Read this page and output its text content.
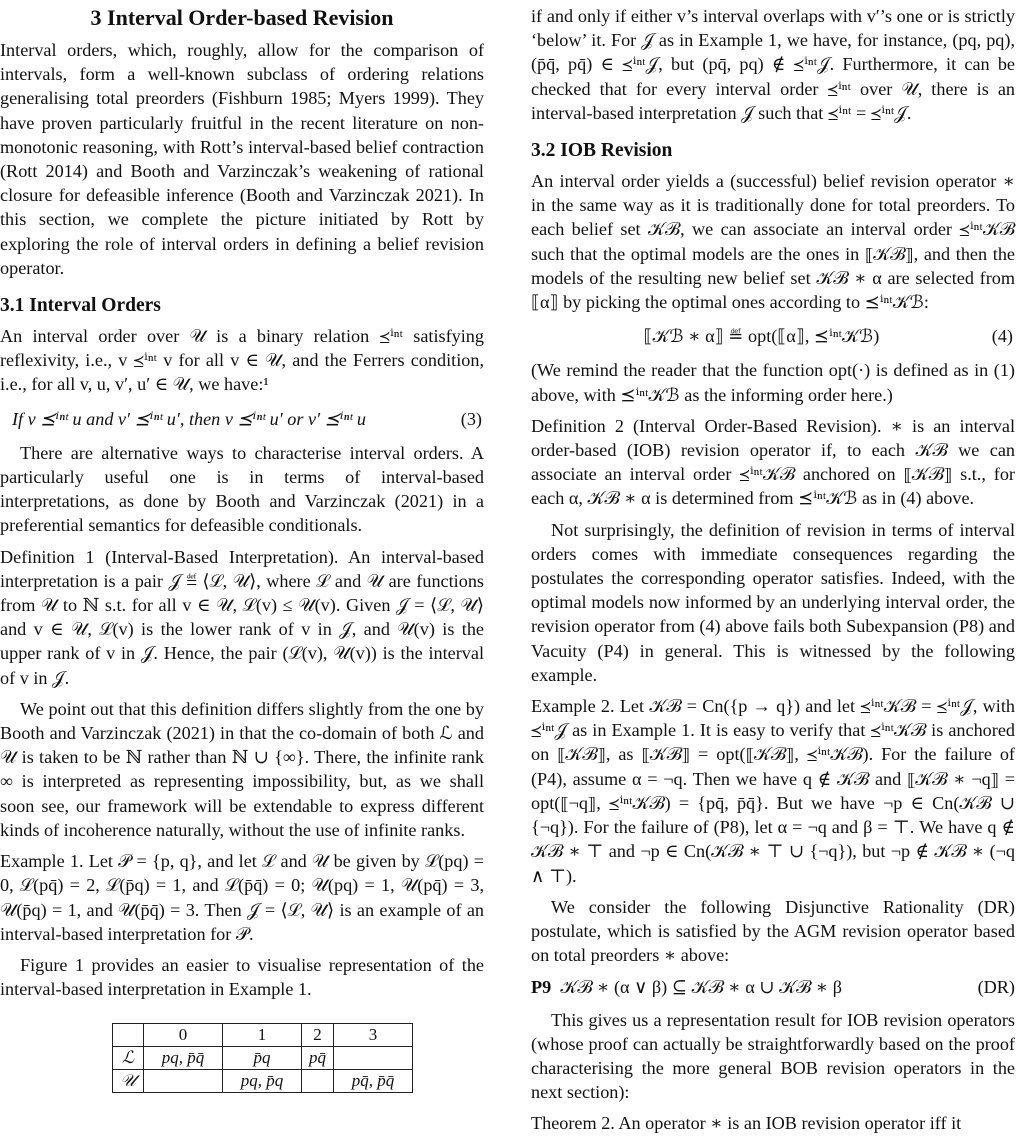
3 Interval Order-based Revision

Interval orders, which, roughly, allow for the comparison of intervals, form a well-known subclass of ordering relations generalising total preorders (Fishburn 1985; Myers 1999). They have proven particularly fruitful in the recent literature on non-monotonic reasoning, with Rott’s interval-based belief contraction (Rott 2014) and Booth and Varzinczak’s weakening of rational closure for defeasible inference (Booth and Varzinczak 2021). In this section, we complete the picture initiated by Rott by exploring the role of interval orders in defining a belief revision operator.

3.1 Interval Orders

An interval order over 𝒰 is a binary relation ⪯ⁱⁿᵗ satisfying reflexivity, i.e., v ⪯ⁱⁿᵗ v for all v ∈ 𝒰, and the Ferrers condition, i.e., for all v, u, v′, u′ ∈ 𝒰, we have:¹

If v ⪯ⁱⁿᵗ u and v′ ⪯ⁱⁿᵗ u′, then v ⪯ⁱⁿᵗ u′ or v′ ⪯ⁱⁿᵗ u	(3)

There are alternative ways to characterise interval orders. A particularly useful one is in terms of interval-based interpretations, as done by Booth and Varzinczak (2021) in a preferential semantics for defeasible conditionals.

Definition 1 (Interval-Based Interpretation). An interval-based interpretation is a pair 𝒥 ≝ ⟨ℒ, 𝒰⟩, where ℒ and 𝒰 are functions from 𝒰 to ℕ s.t. for all v ∈ 𝒰, ℒ(v) ≤ 𝒰(v). Given 𝒥 = ⟨ℒ, 𝒰⟩ and v ∈ 𝒰, ℒ(v) is the lower rank of v in 𝒥, and 𝒰(v) is the upper rank of v in 𝒥. Hence, the pair (ℒ(v), 𝒰(v)) is the interval of v in 𝒥.

We point out that this definition differs slightly from the one by Booth and Varzinczak (2021) in that the co-domain of both ℒ and 𝒰 is taken to be ℕ rather than ℕ ∪ {∞}. There, the infinite rank ∞ is interpreted as representing impossibility, but, as we shall soon see, our framework will be extendable to express different kinds of incoherence naturally, without the use of infinite ranks.

Example 1. Let 𝒫 = {p, q}, and let ℒ and 𝒰 be given by ℒ(pq) = 0, ℒ(pq̄) = 2, ℒ(p̄q) = 1, and ℒ(p̄q̄) = 0; 𝒰(pq) = 1, 𝒰(pq̄) = 3, 𝒰(p̄q) = 1, and 𝒰(p̄q̄) = 3. Then 𝒥 = ⟨ℒ, 𝒰⟩ is an example of an interval-based interpretation for 𝒫.

Figure 1 provides an easier to visualise representation of the interval-based interpretation in Example 1.

	0	1	2	3
ℒ	pq, p̄q̄	p̄q	pq̄	
𝒰		pq, p̄q		pq̄, p̄q̄

if and only if either v’s interval overlaps with v′’s one or is strictly ‘below’ it. For 𝒥 as in Example 1, we have, for instance, (pq, pq), (p̄q̄, pq̄) ∈ ⪯ⁱⁿᵗ𝒥, but (pq̄, pq) ∉ ⪯ⁱⁿᵗ𝒥. Furthermore, it can be checked that for every interval order ⪯ⁱⁿᵗ over 𝒰, there is an interval-based interpretation 𝒥 such that ⪯ⁱⁿᵗ = ⪯ⁱⁿᵗ𝒥.

3.2 IOB Revision

An interval order yields a (successful) belief revision operator ∗ in the same way as it is traditionally done for total preorders. To each belief set 𝒦ℬ, we can associate an interval order ⪯ⁱⁿᵗ𝒦ℬ such that the optimal models are the ones in ⟦𝒦ℬ⟧, and then the models of the resulting new belief set 𝒦ℬ ∗ α are selected from ⟦α⟧ by picking the optimal ones according to ⪯ⁱⁿᵗ𝒦ℬ:

⟦𝒦ℬ ∗ α⟧ ≝ opt(⟦α⟧, ⪯ⁱⁿᵗ𝒦ℬ)	(4)

(We remind the reader that the function opt(·) is defined as in (1) above, with ⪯ⁱⁿᵗ𝒦ℬ as the informing order here.)

Definition 2 (Interval Order-Based Revision). ∗ is an interval order-based (IOB) revision operator if, to each 𝒦ℬ we can associate an interval order ⪯ⁱⁿᵗ𝒦ℬ anchored on ⟦𝒦ℬ⟧ s.t., for each α, 𝒦ℬ ∗ α is determined from ⪯ⁱⁿᵗ𝒦ℬ as in (4) above.

Not surprisingly, the definition of revision in terms of interval orders comes with immediate consequences regarding the postulates the corresponding operator satisfies. Indeed, with the optimal models now informed by an underlying interval order, the revision operator from (4) above fails both Subexpansion (P8) and Vacuity (P4) in general. This is witnessed by the following example.

Example 2. Let 𝒦ℬ = Cn({p → q}) and let ⪯ⁱⁿᵗ𝒦ℬ = ⪯ⁱⁿᵗ𝒥, with ⪯ⁱⁿᵗ𝒥 as in Example 1. It is easy to verify that ⪯ⁱⁿᵗ𝒦ℬ is anchored on ⟦𝒦ℬ⟧, as ⟦𝒦ℬ⟧ = opt(⟦𝒦ℬ⟧, ⪯ⁱⁿᵗ𝒦ℬ). For the failure of (P4), assume α = ¬q. Then we have q ∉ 𝒦ℬ and ⟦𝒦ℬ ∗ ¬q⟧ = opt(⟦¬q⟧, ⪯ⁱⁿᵗ𝒦ℬ) = {pq̄, p̄q̄}. But we have ¬p ∈ Cn(𝒦ℬ ∪ {¬q}). For the failure of (P8), let α = ¬q and β = ⊤. We have q ∉ 𝒦ℬ ∗ ⊤ and ¬p ∈ Cn(𝒦ℬ ∗ ⊤ ∪ {¬q}), but ¬p ∉ 𝒦ℬ ∗ (¬q ∧ ⊤).

We consider the following Disjunctive Rationality (DR) postulate, which is satisfied by the AGM revision operator based on total preorders ∗ above:

P9 𝒦ℬ ∗ (α ∨ β) ⊆ 𝒦ℬ ∗ α ∪ 𝒦ℬ ∗ β	(DR)

This gives us a representation result for IOB revision operators (whose proof can actually be straightforwardly based on the proof characterising the more general BOB revision operators in the next section):

Theorem 2. An operator ∗ is an IOB revision operator iff it
